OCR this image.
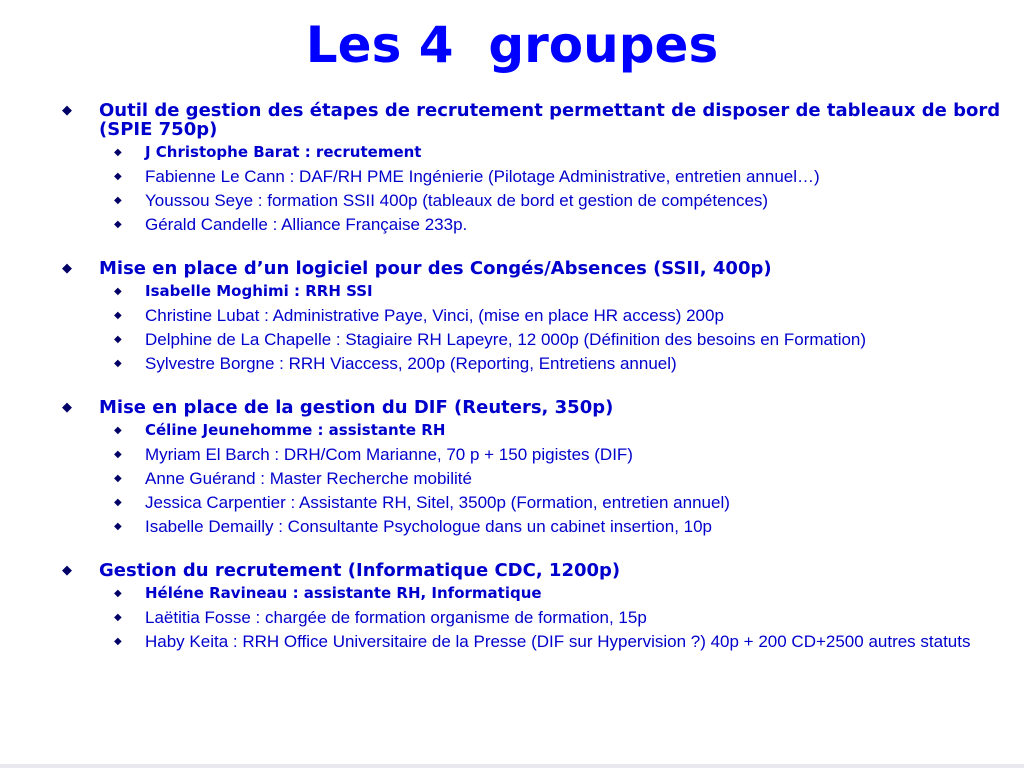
Les 4  groupes
◆ Outil de gestion des étapes de recrutement permettant de disposer de tableaux de bord (SPIE 750p)
◆ J Christophe Barat : recrutement
◆ Fabienne Le Cann : DAF/RH PME Ingénierie (Pilotage Administrative, entretien annuel…)
◆ Youssou Seye : formation SSII 400p (tableaux de bord et gestion de compétences)
◆ Gérald Candelle : Alliance Française 233p.
◆ Mise en place d’un logiciel pour des Congés/Absences (SSII, 400p)
◆ Isabelle Moghimi : RRH SSI
◆ Christine Lubat : Administrative Paye, Vinci, (mise en place HR access) 200p
◆ Delphine de La Chapelle : Stagiaire RH Lapeyre, 12 000p (Définition des besoins en Formation)
◆ Sylvestre Borgne : RRH Viaccess, 200p (Reporting, Entretiens annuel)
◆ Mise en place de la gestion du DIF (Reuters, 350p)
◆ Céline Jeunehomme : assistante RH
◆ Myriam El Barch : DRH/Com Marianne, 70 p + 150 pigistes (DIF)
◆ Anne Guérand : Master Recherche mobilité
◆ Jessica Carpentier : Assistante RH, Sitel, 3500p (Formation, entretien annuel)
◆ Isabelle Demailly : Consultante Psychologue dans un cabinet insertion, 10p
◆ Gestion du recrutement (Informatique CDC, 1200p)
◆ Héléne Ravineau : assistante RH, Informatique
◆ Laëtitia Fosse : chargée de formation organisme de formation, 15p
◆ Haby Keita : RRH Office Universitaire de la Presse (DIF sur Hypervision ?) 40p + 200 CD+2500 autres statuts
